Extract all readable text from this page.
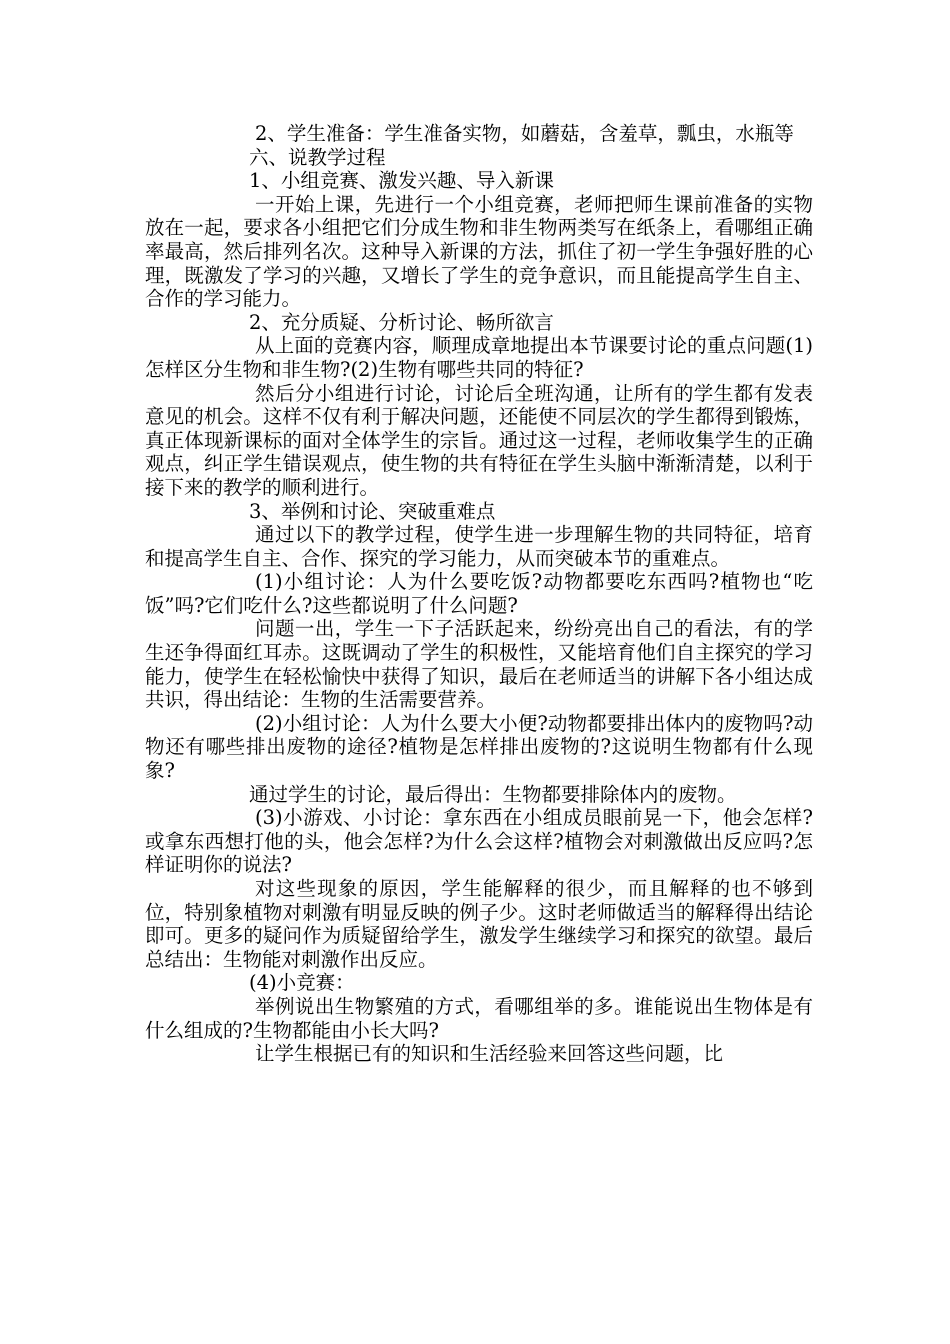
2、学生准备：学生准备实物，如蘑菇，含羞草，瓢虫，水瓶等

六、说教学过程

1、小组竞赛、激发兴趣、导入新课

一开始上课，先进行一个小组竞赛，老师把师生课前准备的实物放在一起，要求各小组把它们分成生物和非生物两类写在纸条上，看哪组正确率最高，然后排列名次。这种导入新课的方法，抓住了初一学生争强好胜的心理，既激发了学习的兴趣，又增长了学生的竞争意识，而且能提高学生自主、合作的学习能力。

2、充分质疑、分析讨论、畅所欲言

从上面的竞赛内容，顺理成章地提出本节课要讨论的重点问题(1)怎样区分生物和非生物?(2)生物有哪些共同的特征?

然后分小组进行讨论，讨论后全班沟通，让所有的学生都有发表意见的机会。这样不仅有利于解决问题，还能使不同层次的学生都得到锻炼，真正体现新课标的面对全体学生的宗旨。通过这一过程，老师收集学生的正确观点，纠正学生错误观点，使生物的共有特征在学生头脑中渐渐清楚，以利于接下来的教学的顺利进行。

3、举例和讨论、突破重难点

通过以下的教学过程，使学生进一步理解生物的共同特征，培育和提高学生自主、合作、探究的学习能力，从而突破本节的重难点。

(1)小组讨论：人为什么要吃饭?动物都要吃东西吗?植物也“吃饭”吗?它们吃什么?这些都说明了什么问题?

问题一出，学生一下子活跃起来，纷纷亮出自己的看法，有的学生还争得面红耳赤。这既调动了学生的积极性，又能培育他们自主探究的学习能力，使学生在轻松愉快中获得了知识，最后在老师适当的讲解下各小组达成共识，得出结论：生物的生活需要营养。

(2)小组讨论：人为什么要大小便?动物都要排出体内的废物吗?动物还有哪些排出废物的途径?植物是怎样排出废物的?这说明生物都有什么现象?

通过学生的讨论，最后得出：生物都要排除体内的废物。

(3)小游戏、小讨论：拿东西在小组成员眼前晃一下，他会怎样?或拿东西想打他的头，他会怎样?为什么会这样?植物会对刺激做出反应吗?怎样证明你的说法?

对这些现象的原因，学生能解释的很少，而且解释的也不够到位，特别象植物对刺激有明显反映的例子少。这时老师做适当的解释得出结论即可。更多的疑问作为质疑留给学生，激发学生继续学习和探究的欲望。最后总结出：生物能对刺激作出反应。

(4)小竞赛：

举例说出生物繁殖的方式，看哪组举的多。谁能说出生物体是有什么组成的?生物都能由小长大吗?

让学生根据已有的知识和生活经验来回答这些问题，比
